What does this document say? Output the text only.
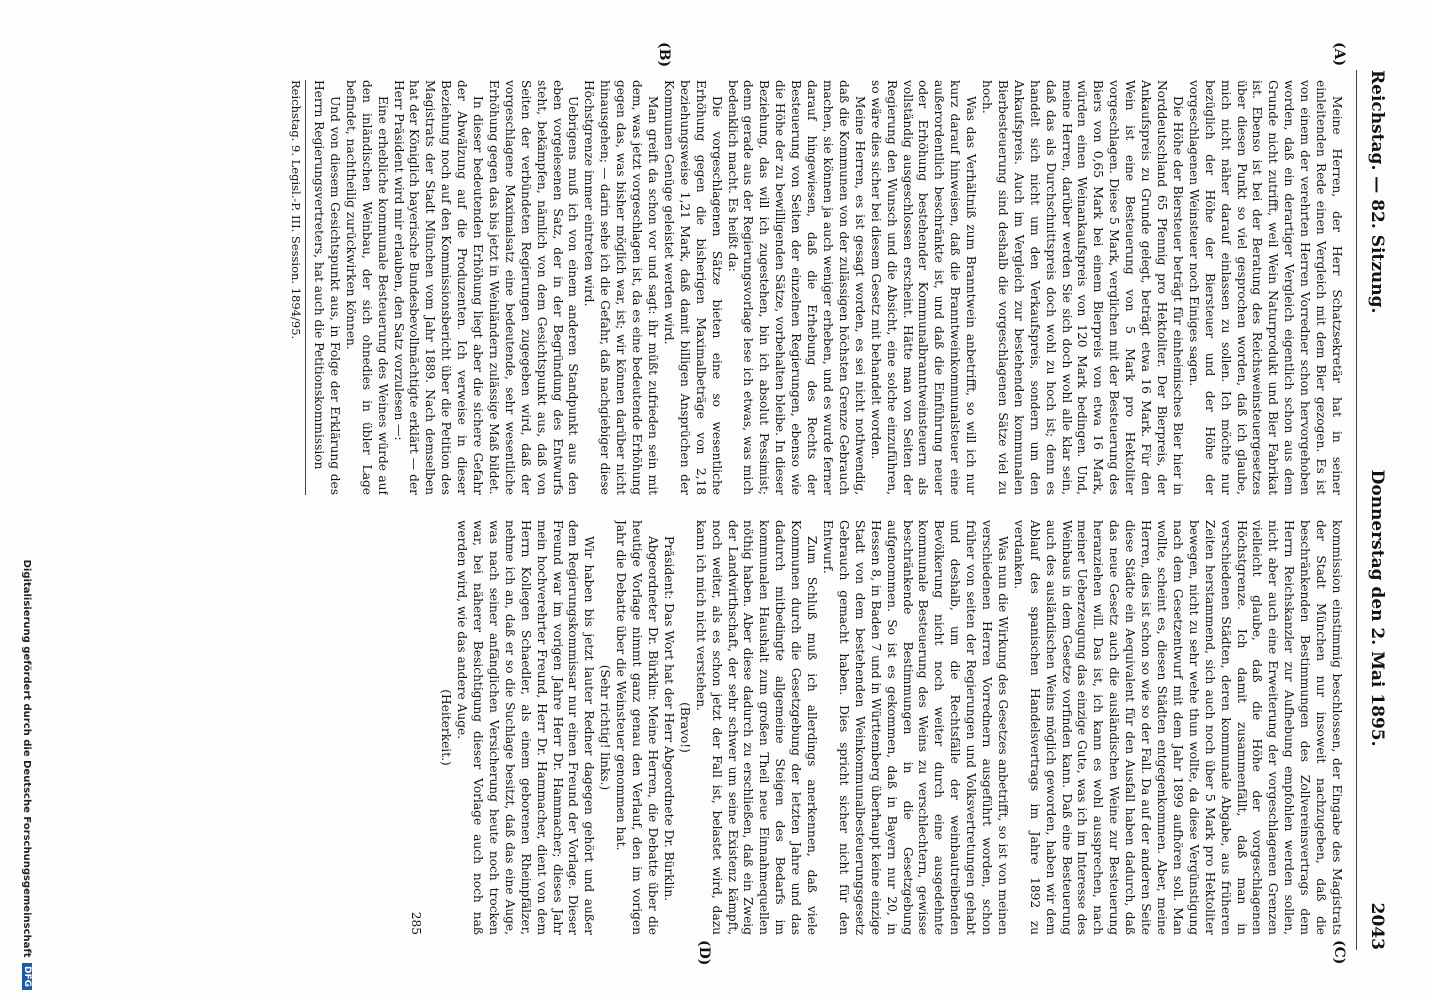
Reichstag. — 82. Sitzung.
Donnerstag den 2. Mai 1895.
2043
(A)
(B)
(C)
(D)

Meine Herren, der Herr Schatzsekretär hat in seiner einleitenden Rede einen Vergleich mit dem Bier gezogen. Es ist von einem der verehrten Herren Vorredner schon hervorgehoben worden, daß ein derartiger Vergleich eigentlich schon aus dem Grunde nicht zutrifft, weil Wein Naturprodukt und Bier Fabrikat ist. Ebenso ist bei der Beratung des Reichsweinsteuergesetzes über diesen Punkt so viel gesprochen worden, daß ich glaube, mich nicht näher darauf einlassen zu sollen. Ich möchte nur bezüglich der Höhe der Biersteuer und der Höhe der vorgeschlagenen Weinsteuer noch Einiges sagen.

Die Höhe der Biersteuer beträgt für einheimisches Bier hier in Norddeutschland 65 Pfennig pro Hektoliter. Der Bierpreis, der Ankaufspreis zu Grunde gelegt, beträgt etwa 16 Mark. Für den Wein ist eine Besteuerung von 5 Mark pro Hektoliter vorgeschlagen. Diese 5 Mark, verglichen mit der Besteuerung des Biers von 0,65 Mark bei einem Bierpreis von etwa 16 Mark, würden einen Weinankaufspreis von 120 Mark bedingen. Und, meine Herren, darüber werden Sie sich doch wohl alle klar sein, daß das als Durchschnittspreis doch wohl zu hoch ist; denn es handelt sich nicht um den Verkaufspreis, sondern um den Ankaufspreis. Auch im Vergleich zur bestehenden kommunalen Bierbesteuerung sind deshalb die vorgeschlagenen Sätze viel zu hoch.

Was das Verhältniß zum Branntwein anbetrifft, so will ich nur kurz darauf hinweisen, daß die Branntweinkommunalsteuer eine außerordentlich beschränkte ist, und daß die Einführung neuer oder Erhöhung bestehender Kommunalbranntweinsteuern als vollständig ausgeschlossen erscheint. Hätte man von Seiten der Regierung den Wunsch und die Absicht, eine solche einzuführen, so wäre dies sicher bei diesem Gesetz mit behandelt worden.

Meine Herren, es ist gesagt worden, es sei nicht nothwendig, daß die Kommunen von der zulässigen höchsten Grenze Gebrauch machen, sie können ja auch weniger erheben, und es wurde ferner darauf hingewiesen, daß die Erhebung des Rechts der Besteuerung von Seiten der einzelnen Regierungen, ebenso wie die Höhe der zu bewilligenden Sätze, vorbehalten bleibe. In dieser Beziehung, das will ich zugestehen, bin ich absolut Pessimist; denn gerade aus der Regierungsvorlage lese ich etwas, was mich bedenklich macht. Es heißt da:

Die vorgeschlagenen Sätze bieten eine so wesentliche Erhöhung gegen die bisherigen Maximalbeträge von 2,18 beziehungsweise 1,21 Mark, daß damit billigen Ansprüchen der Kommunen Genüge geleistet werden wird.

Man greift da schon vor und sagt: ihr müßt zufrieden sein mit dem, was jetzt vorgeschlagen ist, da es eine bedeutende Erhöhung gegen das, was bisher möglich war, ist; wir können darüber nicht hinausgehen; — darin sehe ich die Gefahr, daß nachgiebiger diese Höchstgrenze immer eintreten wird.

Uebrigens muß ich von einem anderen Standpunkt aus den eben vorgelesenen Satz, der in der Begründung des Entwurfs steht, bekämpfen, nämlich von dem Gesichtspunkt aus, daß von Seiten der verbündeten Regierungen zugegeben wird, daß der vorgeschlagene Maximalsatz eine bedeutende, sehr wesentliche Erhöhung gegen das bis jetzt in Weinländern zulässige Maß bildet.

In dieser bedeutenden Erhöhung liegt aber die sichere Gefahr der Abwälzung auf die Produzenten. Ich verweise in dieser Beziehung noch auf den Kommissionsbericht über die Petition des Magistrats der Stadt München vom Jahr 1889. Nach demselben hat der Königlich bayerische Bundesbevollmächtigte erklärt — der Herr Präsident wird mir erlauben, den Satz vorzulesen —:

Eine erhebliche kommunale Besteuerung des Weines würde auf den inländischen Weinbau, der sich ohnedies in übler Lage befindet, nachtheilig zurückwirken können.

Und von diesem Gesichtspunkt aus, in Folge der Erklärung des Herrn Regierungsvertreters, hat auch die Petitionskommission

Reichstag. 9. Legisl.-P. III. Session. 1894/95.

kommission einstimmig beschlossen, der Eingabe des Magistrats der Stadt München nur insoweit nachzugeben, daß die beschränkenden Bestimmungen des Zollvereinsvertrags dem Herrn Reichskanzler zur Aufhebung empfohlen werden sollen, nicht aber auch eine Erweiterung der vorgeschlagenen Grenzen vielleicht glaube, daß die Höhe der vorgeschlagenen Höchstgrenze. Ich damit zusammenfällt, daß man in verschiedenen Städten, deren kommunale Abgabe, aus früheren Zeiten herstammend, sich auch noch über 5 Mark pro Hektoliter bewegen, nicht zu sehr wehe thun wollte, da diese Vergünstigung nach dem Gesetzentwurf mit dem Jahr 1899 aufhören soll. Man wollte, scheint es, diesen Städten entgegenkommen. Aber, meine Herren, dies ist schon so wie so der Fall. Da auf der anderen Seite diese Städte ein Aequivalent für den Ausfall haben dadurch, daß das neue Gesetz auch die ausländischen Weine zur Besteuerung heranziehen will. Das ist, ich kann es wohl aussprechen, nach meiner Ueberzeugung das einzige Gute, was ich im Interesse des Weinbaus in dem Gesetze vorfinden kann. Daß eine Besteuerung auch des ausländischen Weins möglich geworden, haben wir dem Ablauf des spanischen Handelsvertrags im Jahre 1892 zu verdanken.

Was nun die Wirkung des Gesetzes anbetrifft, so ist von meinen verschiedenen Herren Vorrednern ausgeführt worden, schon früher von seiten der Regierungen und Volksvertretungen gehabt und deshalb, um die Rechtsfälle der weinbautreibenden Bevölkerung nicht noch weiter durch eine ausgedehnte kommunale Besteuerung des Weins zu verschlechtern, gewisse beschränkende Bestimmungen in die Gesetzgebung aufgenommen. So ist es gekommen, daß in Bayern nur 20, in Hessen 8, in Baden 7 und in Württemberg überhaupt keine einzige Stadt von dem bestehenden Weinkommunalbesteuerungsgesetz Gebrauch gemacht haben. Dies spricht sicher nicht für den Entwurf.

Zum Schluß muß ich allerdings anerkennen, daß viele Kommunen durch die Gesetzgebung der letzten Jahre und das dadurch mitbedingte allgemeine Steigen des Bedarfs im kommunalen Haushalt zum großen Theil neue Einnahmequellen nöthig haben. Aber diese dadurch zu erschließen, daß ein Zweig der Landwirthschaft, der sehr schwer um seine Existenz kämpft, noch weiter, als es schon jetzt der Fall ist, belastet wird, dazu kann ich mich nicht verstehen.

(Bravo!)

Präsident: Das Wort hat der Herr Abgeordnete Dr. Bürklin.

Abgeordneter Dr. Bürklin: Meine Herren, die Debatte über die heutige Vorlage nimmt ganz genau den Verlauf, den im vorigen Jahr die Debatte über die Weinsteuer genommen hat.

(Sehr richtig! links.)

Wir haben bis jetzt lauter Redner dagegen gehört und außer dem Regierungskommissar nur einen Freund der Vorlage. Dieser Freund war im vorigen Jahre Herr Dr. Hammacher; dieses Jahr mein hochverehrter Freund, Herr Dr. Hammacher, dient von dem Herrn Kollegen Schaedler, als einem geborenen Rheinpfälzer, nehme ich an, daß er so die Suchlage besitzt, daß das eine Auge, was nach seiner anfänglichen Versicherung heute noch trocken war, bei näherer Besichtigung dieser Vorlage auch noch naß werden wird, wie das andere Auge.

(Heiterkeit.)

285

Digitalisierung gefördert durch die Deutsche Forschungsgemeinschaft DFG
